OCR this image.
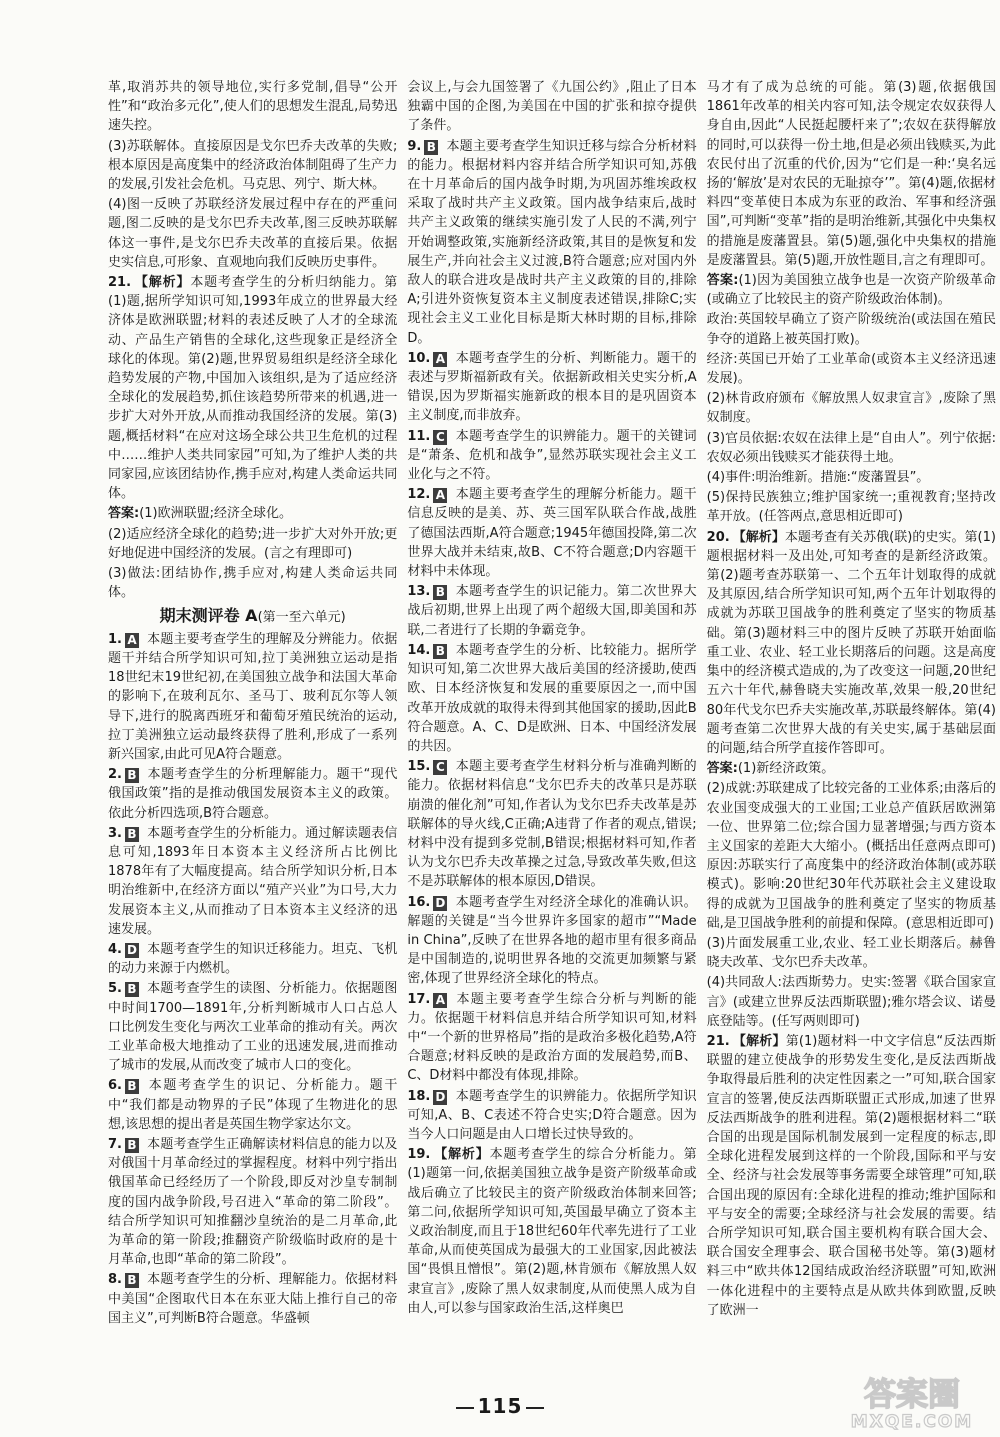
革,取消苏共的领导地位,实行多党制,倡导“公开性”和“政治多元化”,使人们的思想发生混乱,局势迅速失控。

(3)苏联解体。直接原因是戈尔巴乔夫改革的失败;根本原因是高度集中的经济政治体制阻碍了生产力的发展,引发社会危机。马克思、列宁、斯大林。

(4)图一反映了苏联经济发展过程中存在的严重问题,图二反映的是戈尔巴乔夫改革,图三反映苏联解体这一事件,是戈尔巴乔夫改革的直接后果。依据史实信息,可形象、直观地向我们反映历史事件。

21. 【解析】本题考查学生的分析归纳能力。第(1)题,据所学知识可知,1993年成立的世界最大经济体是欧洲联盟;材料的表述反映了人才的全球流动、产品生产销售的全球化,这些现象正是经济全球化的体现。第(2)题,世界贸易组织是经济全球化趋势发展的产物,中国加入该组织,是为了适应经济全球化的发展趋势,抓住该趋势所带来的机遇,进一步扩大对外开放,从而推动我国经济的发展。第(3)题,概括材料“在应对这场全球公共卫生危机的过程中……维护人类共同家园”可知,为了维护人类的共同家园,应该团结协作,携手应对,构建人类命运共同体。

答案:(1)欧洲联盟;经济全球化。

(2)适应经济全球化的趋势;进一步扩大对外开放;更好地促进中国经济的发展。(言之有理即可)

(3)做法:团结协作,携手应对,构建人类命运共同体。

期末测评卷 A(第一至六单元)

1. A 本题主要考查学生的理解及分辨能力。依据题干并结合所学知识可知,拉丁美洲独立运动是指18世纪末19世纪初,在美国独立战争和法国大革命的影响下,在玻利瓦尔、圣马丁、玻利瓦尔等人领导下,进行的脱离西班牙和葡萄牙殖民统治的运动,拉丁美洲独立运动最终获得了胜利,形成了一系列新兴国家,由此可见A符合题意。

2. B 本题考查学生的分析理解能力。题干“现代俄国政策”指的是推动俄国发展资本主义的政策。依此分析四选项,B符合题意。

3. B 本题考查学生的分析能力。通过解读题表信息可知,1893年日本资本主义经济所占比例比1878年有了大幅度提高。结合所学知识分析,日本明治维新中,在经济方面以“殖产兴业”为口号,大力发展资本主义,从而推动了日本资本主义经济的迅速发展。

4. D 本题考查学生的知识迁移能力。坦克、飞机的动力来源于内燃机。

5. B 本题考查学生的读图、分析能力。依据题图中时间1700—1891年,分析判断城市人口占总人口比例发生变化与两次工业革命的推动有关。两次工业革命极大地推动了工业的迅速发展,进而推动了城市的发展,从而改变了城市人口的变化。

6. B 本题考查学生的识记、分析能力。题干中“我们都是动物界的子民”体现了生物进化的思想,该思想的提出者是英国生物学家达尔文。

7. B 本题考查学生正确解读材料信息的能力以及对俄国十月革命经过的掌握程度。材料中列宁指出俄国革命已经经历了一个阶段,即反对沙皇专制制度的国内战争阶段,号召进入“革命的第二阶段”。结合所学知识可知推翻沙皇统治的是二月革命,此为革命的第一阶段;推翻资产阶级临时政府的是十月革命,也即“革命的第二阶段”。

8. B 本题考查学生的分析、理解能力。依据材料中美国“企图取代日本在东亚大陆上推行自己的帝国主义”,可判断B符合题意。华盛顿

会议上,与会九国签署了《九国公约》,阻止了日本独霸中国的企图,为美国在中国的扩张和掠夺提供了条件。

9. B 本题主要考查学生知识迁移与综合分析材料的能力。根据材料内容并结合所学知识可知,苏俄在十月革命后的国内战争时期,为巩固苏维埃政权采取了战时共产主义政策。国内战争结束后,战时共产主义政策的继续实施引发了人民的不满,列宁开始调整政策,实施新经济政策,其目的是恢复和发展生产,并向社会主义过渡,B符合题意;应对国内外敌人的联合进攻是战时共产主义政策的目的,排除A;引进外资恢复资本主义制度表述错误,排除C;实现社会主义工业化目标是斯大林时期的目标,排除D。

10. A 本题考查学生的分析、判断能力。题干的表述与罗斯福新政有关。依据新政相关史实分析,A错误,因为罗斯福实施新政的根本目的是巩固资本主义制度,而非放弃。

11. C 本题考查学生的识辨能力。题干的关键词是“萧条、危机和战争”,显然苏联实现社会主义工业化与之不符。

12. A 本题主要考查学生的理解分析能力。题干信息反映的是美、苏、英三国军队联合作战,战胜了德国法西斯,A符合题意;1945年德国投降,第二次世界大战并未结束,故B、C不符合题意;D内容题干材料中未体现。

13. B 本题考查学生的识记能力。第二次世界大战后初期,世界上出现了两个超级大国,即美国和苏联,二者进行了长期的争霸竞争。

14. B 本题考查学生的分析、比较能力。据所学知识可知,第二次世界大战后美国的经济援助,使西欧、日本经济恢复和发展的重要原因之一,而中国改革开放成就的取得未得到其他国家的援助,因此B符合题意。A、C、D是欧洲、日本、中国经济发展的共因。

15. C 本题主要考查学生材料分析与准确判断的能力。依据材料信息“戈尔巴乔夫的改革只是苏联崩溃的催化剂”可知,作者认为戈尔巴乔夫改革是苏联解体的导火线,C正确;A违背了作者的观点,错误;材料中没有提到多党制,B错误;根据材料可知,作者认为戈尔巴乔夫改革操之过急,导致改革失败,但这不是苏联解体的根本原因,D错误。

16. D 本题考查学生对经济全球化的准确认识。解题的关键是“当今世界许多国家的超市”“Made in China”,反映了在世界各地的超市里有很多商品是中国制造的,说明世界各地的交流更加频繁与紧密,体现了世界经济全球化的特点。

17. A 本题主要考查学生综合分析与判断的能力。依据题干材料信息并结合所学知识可知,材料中“一个新的世界格局”指的是政治多极化趋势,A符合题意;材料反映的是政治方面的发展趋势,而B、C、D材料中都没有体现,排除。

18. D 本题考查学生的识辨能力。依据所学知识可知,A、B、C表述不符合史实;D符合题意。因为当今人口问题是由人口增长过快导致的。

19. 【解析】本题考查学生的综合分析能力。第(1)题第一问,依据美国独立战争是资产阶级革命或战后确立了比较民主的资产阶级政治体制来回答;第二问,依据所学知识可知,英国最早确立了资本主义政治制度,而且于18世纪60年代率先进行了工业革命,从而使英国成为最强大的工业国家,因此被法国“畏惧且憎恨”。第(2)题,林肯颁布《解放黑人奴隶宣言》,废除了黑人奴隶制度,从而使黑人成为自由人,可以参与国家政治生活,这样奥巴

马才有了成为总统的可能。第(3)题,依据俄国1861年改革的相关内容可知,法令规定农奴获得人身自由,因此“人民挺起腰杆来了”;农奴在获得解放的同时,可以获得一份土地,但是必须出钱赎买,为此农民付出了沉重的代价,因为“它们是一种:‘臭名远扬的‘解放’是对农民的无耻掠夺’”。第(4)题,依据材料四“变革使日本成为东亚的政治、军事和经济强国”,可判断“变革”指的是明治维新,其强化中央集权的措施是废藩置县。第(5)题,强化中央集权的措施是废藩置县。第(5)题,开放性题目,言之有理即可。

答案:(1)因为美国独立战争也是一次资产阶级革命(或确立了比较民主的资产阶级政治体制)。

政治:英国较早确立了资产阶级统治(或法国在殖民争夺的道路上被英国打败)。

经济:英国已开始了工业革命(或资本主义经济迅速发展)。

(2)林肯政府颁布《解放黑人奴隶宣言》,废除了黑奴制度。

(3)官员依据:农奴在法律上是“自由人”。列宁依据:农奴必须出钱赎买才能获得土地。

(4)事件:明治维新。措施:“废藩置县”。

(5)保持民族独立;维护国家统一;重视教育;坚持改革开放。(任答两点,意思相近即可)

20. 【解析】本题考查有关苏俄(联)的史实。第(1)题根据材料一及出处,可知考查的是新经济政策。第(2)题考查苏联第一、二个五年计划取得的成就及其原因,结合所学知识可知,两个五年计划取得的成就为苏联卫国战争的胜利奠定了坚实的物质基础。第(3)题材料三中的图片反映了苏联开始面临重工业、农业、轻工业长期落后的问题。这是高度集中的经济模式造成的,为了改变这一问题,20世纪五六十年代,赫鲁晓夫实施改革,效果一般,20世纪80年代戈尔巴乔夫实施改革,苏联最终解体。第(4)题考查第二次世界大战的有关史实,属于基础层面的问题,结合所学直接作答即可。

答案:(1)新经济政策。

(2)成就:苏联建成了比较完备的工业体系;由落后的农业国变成强大的工业国;工业总产值跃居欧洲第一位、世界第二位;综合国力显著增强;与西方资本主义国家的差距大大缩小。(概括出任意两点即可)原因:苏联实行了高度集中的经济政治体制(或苏联模式)。影响:20世纪30年代苏联社会主义建设取得的成就为卫国战争的胜利奠定了坚实的物质基础,是卫国战争胜利的前提和保障。(意思相近即可)

(3)片面发展重工业,农业、轻工业长期落后。赫鲁晓夫改革、戈尔巴乔夫改革。

(4)共同敌人:法西斯势力。史实:签署《联合国家宣言》(或建立世界反法西斯联盟);雅尔塔会议、诺曼底登陆等。(任写两则即可)

21. 【解析】第(1)题材料一中文字信息“反法西斯联盟的建立使战争的形势发生变化,是反法西斯战争取得最后胜利的决定性因素之一”可知,联合国家宣言的签署,使反法西斯联盟正式形成,加速了世界反法西斯战争的胜利进程。第(2)题根据材料二“联合国的出现是国际机制发展到一定程度的标志,即全球化进程发展到这样的一个阶段,国际和平与安全、经济与社会发展等事务需要全球管理”可知,联合国出现的原因有:全球化进程的推动;维护国际和平与安全的需要;全球经济与社会发展的需要。结合所学知识可知,联合国主要机构有联合国大会、联合国安全理事会、联合国秘书处等。第(3)题材料三中“欧共体12国结成政治经济联盟”可知,欧洲一体化进程中的主要特点是从欧共体到欧盟,反映了欧洲一

115	答案圈
MXQE.COM
